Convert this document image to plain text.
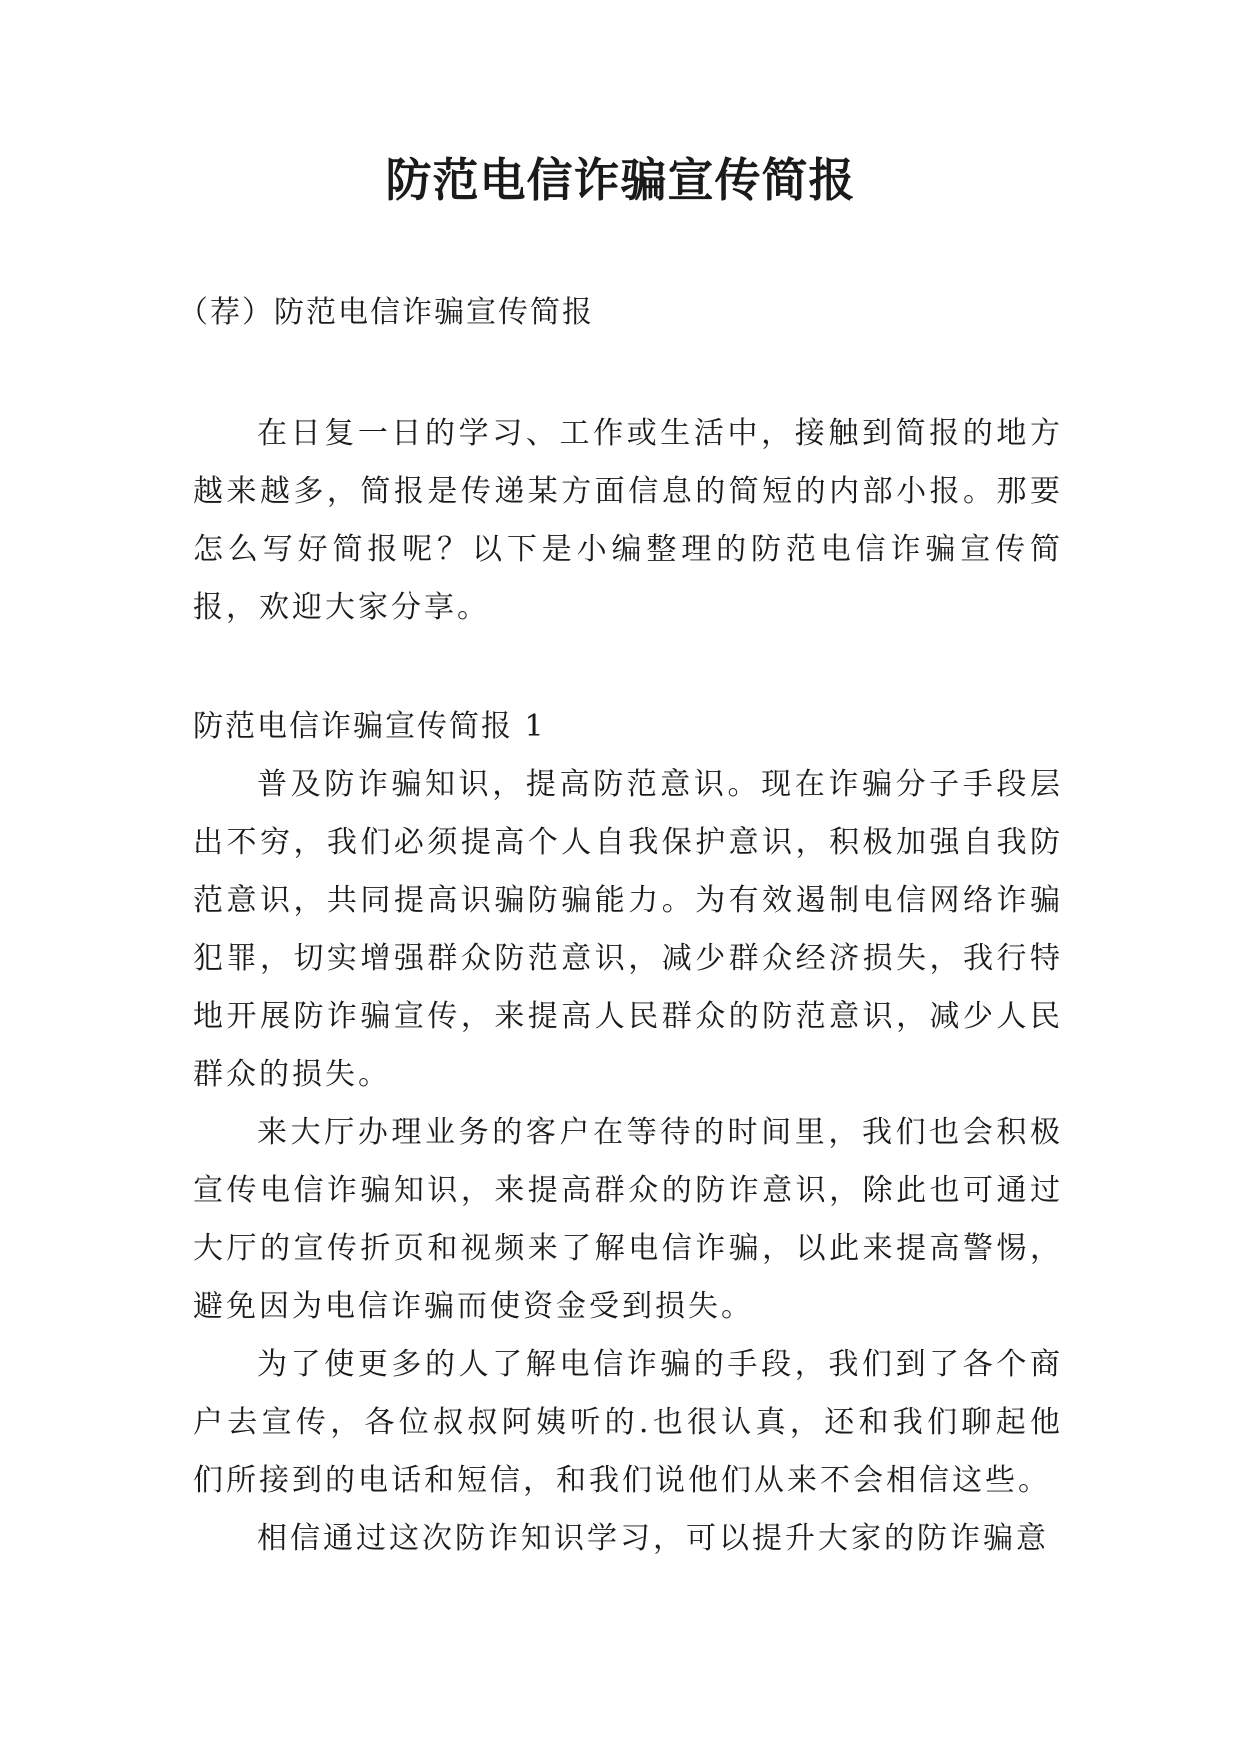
防范电信诈骗宣传简报

（荐）防范电信诈骗宣传简报

在日复一日的学习、工作或生活中，接触到简报的地方越来越多，简报是传递某方面信息的简短的内部小报。那要怎么写好简报呢？以下是小编整理的防范电信诈骗宣传简报，欢迎大家分享。

防范电信诈骗宣传简报 1

普及防诈骗知识，提高防范意识。现在诈骗分子手段层出不穷，我们必须提高个人自我保护意识，积极加强自我防范意识，共同提高识骗防骗能力。为有效遏制电信网络诈骗犯罪，切实增强群众防范意识，减少群众经济损失，我行特地开展防诈骗宣传，来提高人民群众的防范意识，减少人民群众的损失。

来大厅办理业务的客户在等待的时间里，我们也会积极宣传电信诈骗知识，来提高群众的防诈意识，除此也可通过大厅的宣传折页和视频来了解电信诈骗，以此来提高警惕，避免因为电信诈骗而使资金受到损失。

为了使更多的人了解电信诈骗的手段，我们到了各个商户去宣传，各位叔叔阿姨听的.也很认真，还和我们聊起他们所接到的电话和短信，和我们说他们从来不会相信这些。

相信通过这次防诈知识学习，可以提升大家的防诈骗意
